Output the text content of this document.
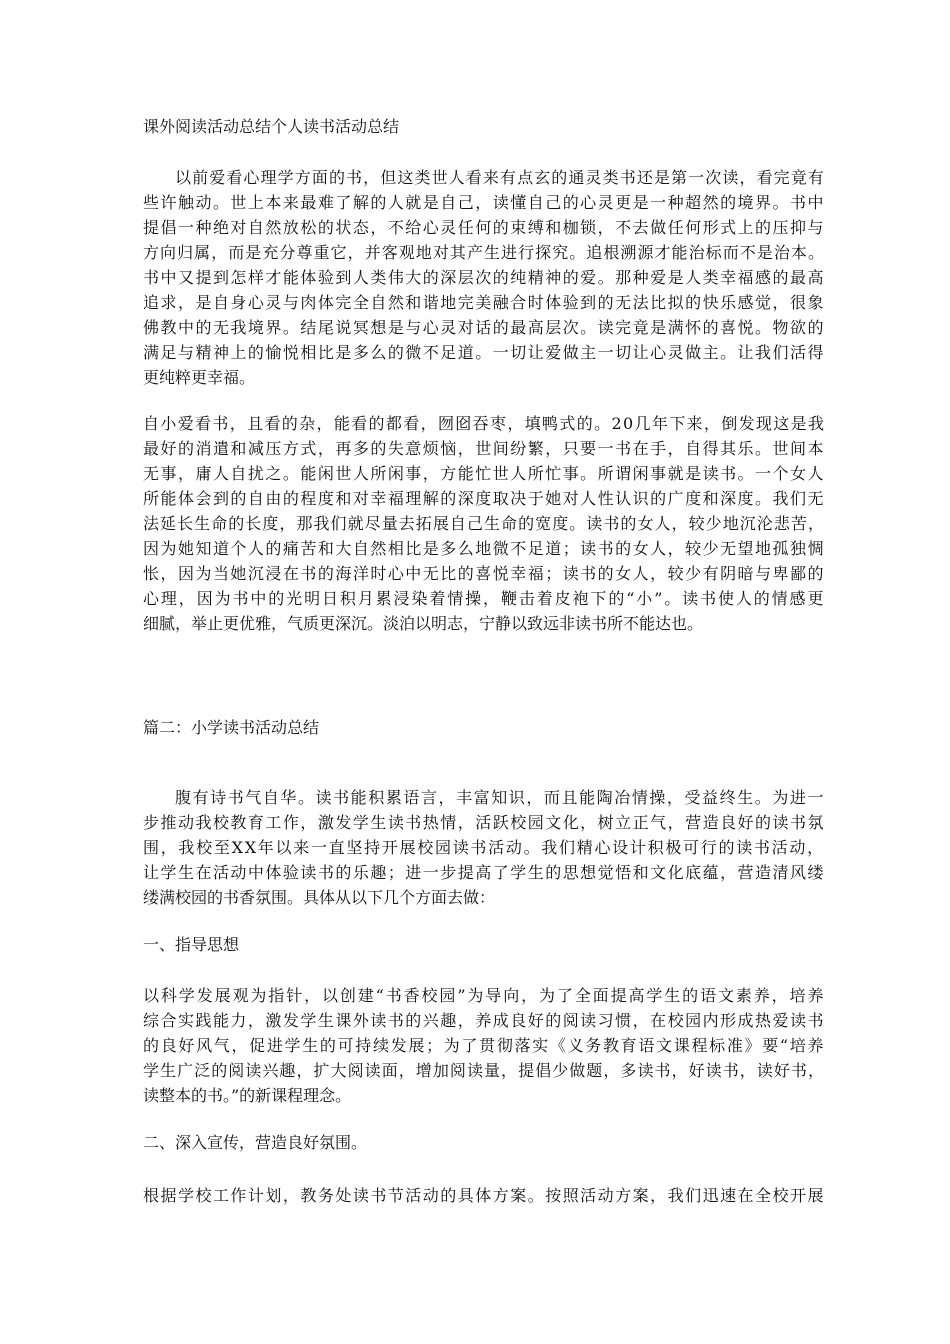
课外阅读活动总结个人读书活动总结
以前爱看心理学方面的书，但这类世人看来有点玄的通灵类书还是第一次读，看完竟有
些许触动。世上本来最难了解的人就是自己，读懂自己的心灵更是一种超然的境界。书中
提倡一种绝对自然放松的状态，不给心灵任何的束缚和枷锁，不去做任何形式上的压抑与
方向归属，而是充分尊重它，并客观地对其产生进行探究。追根溯源才能治标而不是治本。
书中又提到怎样才能体验到人类伟大的深层次的纯精神的爱。那种爱是人类幸福感的最高
追求，是自身心灵与肉体完全自然和谐地完美融合时体验到的无法比拟的快乐感觉，很象
佛教中的无我境界。结尾说冥想是与心灵对话的最高层次。读完竟是满怀的喜悦。物欲的
满足与精神上的愉悦相比是多么的微不足道。一切让爱做主一切让心灵做主。让我们活得
更纯粹更幸福。
自小爱看书，且看的杂，能看的都看，囫囵吞枣，填鸭式的。20几年下来，倒发现这是我
最好的消遣和减压方式，再多的失意烦恼，世间纷繁，只要一书在手，自得其乐。世间本
无事，庸人自扰之。能闲世人所闲事，方能忙世人所忙事。所谓闲事就是读书。一个女人
所能体会到的自由的程度和对幸福理解的深度取决于她对人性认识的广度和深度。我们无
法延长生命的长度，那我们就尽量去拓展自己生命的宽度。读书的女人，较少地沉沦悲苦，
因为她知道个人的痛苦和大自然相比是多么地微不足道；读书的女人，较少无望地孤独惆
怅，因为当她沉浸在书的海洋时心中无比的喜悦幸福；读书的女人，较少有阴暗与卑鄙的
心理，因为书中的光明日积月累浸染着情操，鞭击着皮袍下的“小”。读书使人的情感更
细腻，举止更优雅，气质更深沉。淡泊以明志，宁静以致远非读书所不能达也。
篇二：小学读书活动总结
腹有诗书气自华。读书能积累语言，丰富知识，而且能陶冶情操，受益终生。为进一
步推动我校教育工作，激发学生读书热情，活跃校园文化，树立正气，营造良好的读书氛
围，我校至XX年以来一直坚持开展校园读书活动。我们精心设计积极可行的读书活动，
让学生在活动中体验读书的乐趣；进一步提高了学生的思想觉悟和文化底蕴，营造清风缕
缕满校园的书香氛围。具体从以下几个方面去做：
一、指导思想
以科学发展观为指针，以创建“书香校园”为导向，为了全面提高学生的语文素养，培养
综合实践能力，激发学生课外读书的兴趣，养成良好的阅读习惯，在校园内形成热爱读书
的良好风气，促进学生的可持续发展；为了贯彻落实《义务教育语文课程标准》要“培养
学生广泛的阅读兴趣，扩大阅读面，增加阅读量，提倡少做题，多读书，好读书，读好书，
读整本的书。”的新课程理念。
二、深入宣传，营造良好氛围。
根据学校工作计划，教务处读书节活动的具体方案。按照活动方案，我们迅速在全校开展
